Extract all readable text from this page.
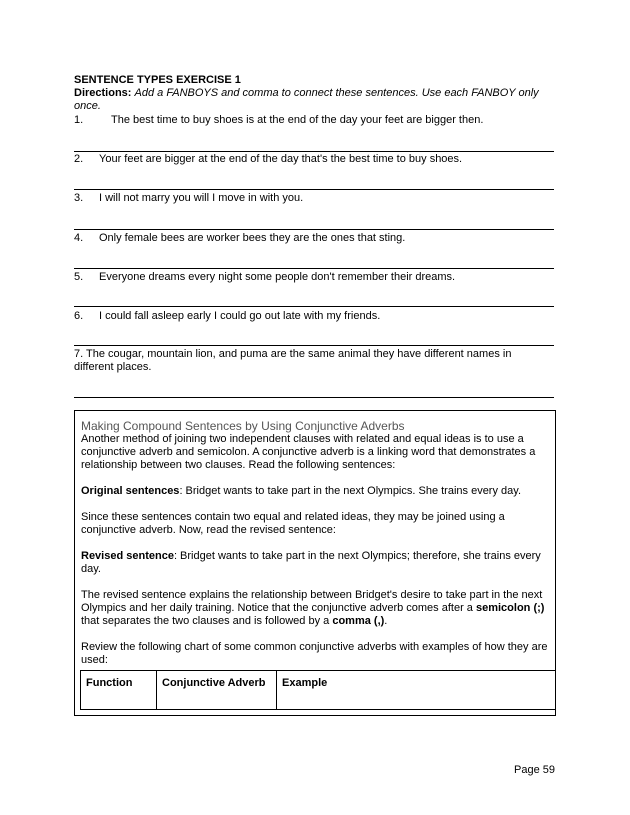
SENTENCE TYPES EXERCISE 1
Directions: Add a FANBOYS and comma to connect these sentences. Use each FANBOY only once.
1.	The best time to buy shoes is at the end of the day your feet are bigger then.
2. Your feet are bigger at the end of the day that's the best time to buy shoes.
3. I will not marry you will I move in with you.
4. Only female bees are worker bees they are the ones that sting.
5. Everyone dreams every night some people don't remember their dreams.
6. I could fall asleep early I could go out late with my friends.
7. The cougar, mountain lion, and puma are the same animal they have different names in different places.
Making Compound Sentences by Using Conjunctive Adverbs

Another method of joining two independent clauses with related and equal ideas is to use a conjunctive adverb and semicolon. A conjunctive adverb is a linking word that demonstrates a relationship between two clauses. Read the following sentences:

Original sentences: Bridget wants to take part in the next Olympics. She trains every day.

Since these sentences contain two equal and related ideas, they may be joined using a conjunctive adverb. Now, read the revised sentence:

Revised sentence: Bridget wants to take part in the next Olympics; therefore, she trains every day.

The revised sentence explains the relationship between Bridget's desire to take part in the next Olympics and her daily training. Notice that the conjunctive adverb comes after a semicolon (;) that separates the two clauses and is followed by a comma (,).

Review the following chart of some common conjunctive adverbs with examples of how they are used:

Function	Conjunctive Adverb	Example
Page 59
